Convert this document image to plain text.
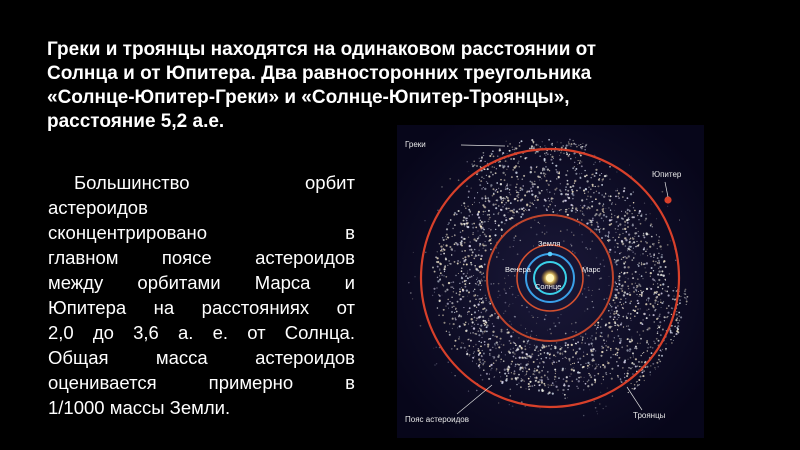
Греки и троянцы находятся на одинаковом расстоянии от
Солнца и от Юпитера. Два равносторонних треугольника
«Солнце-Юпитер-Греки» и «Солнце-Юпитер-Троянцы»,
расстояние 5,2 а.е.
Большинство орбит
астероидов
сконцентрировано в
главном поясе астероидов
между орбитами Марса и
Юпитера на расстояниях от
2,0 до 3,6 а. е. от Солнца.
Общая масса астероидов
оценивается примерно в
1/1000 массы Земли.
Греки
Юпитер
Земля
Венера	Марс
Солнце
Пояс астероидов	Троянцы
